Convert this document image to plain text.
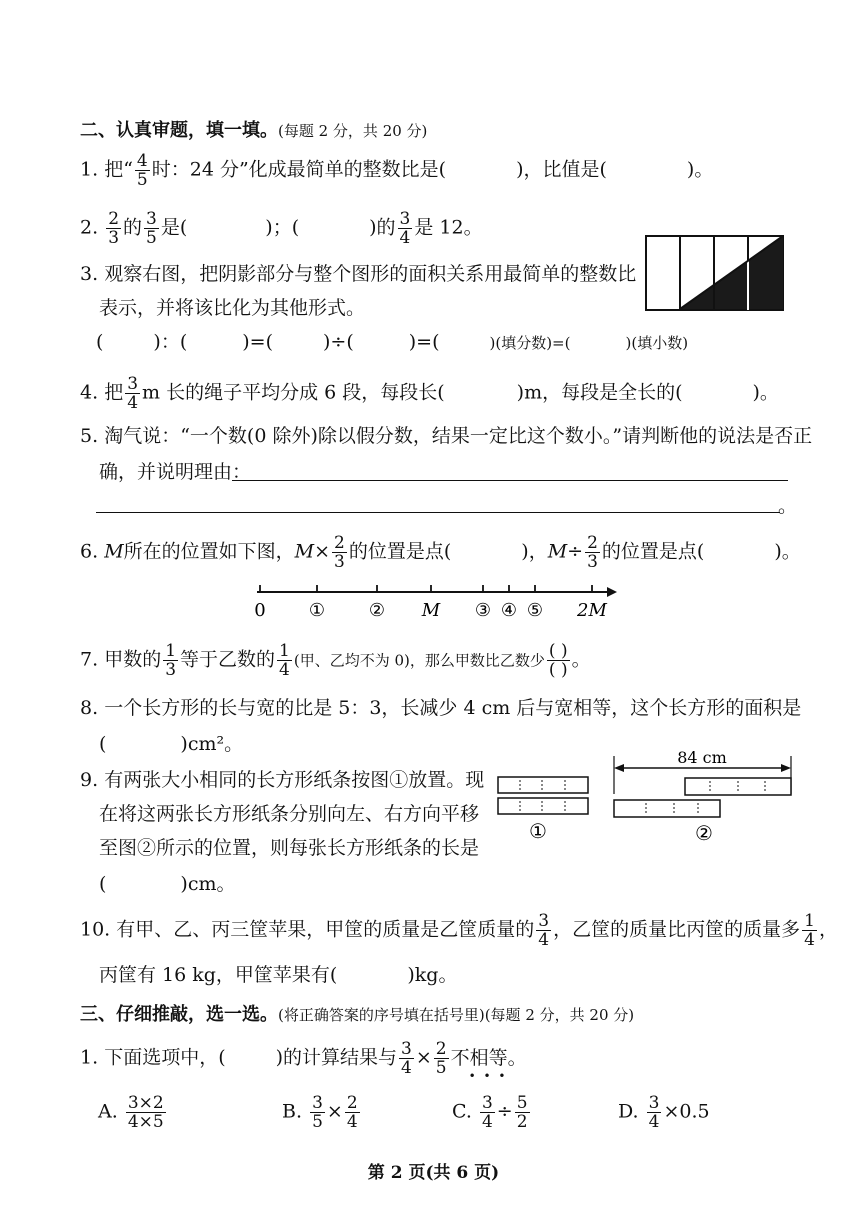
二、认真审题，填一填。(每题 2 分，共 20 分)
1. 把“ $\frac{4}{5}$ 时：24 分”化成最简单的整数比是(	)，比值是(	)。
2. $\frac{2}{3}$ 的 $\frac{3}{5}$ 是(	)；(	)的 $\frac{3}{4}$ 是 12。
3. 观察右图，把阴影部分与整个图形的面积关系用最简单的整数比
表示，并将该比化为其他形式。
(	)：(	)=(	)÷(	)=(	)(填分数)=(	)(填小数)
4. 把 $\frac{3}{4}$ m 长的绳子平均分成 6 段，每段长(	)m，每段是全长的(	)。
5. 淘气说：“一个数(0 除外)除以假分数，结果一定比这个数小。”请判断他的说法是否正
确，并说明理由：
。
6. M所在的位置如下图，$M\times \frac{2}{3}$ 的位置是点(	)，$M\div \frac{2}{3}$ 的位置是点(	)。
0 ① ② M ③ ④ ⑤ 2M
7. 甲数的 $\frac{1}{3}$ 等于乙数的 $\frac{1}{4}$ (甲、乙均不为 0)，那么甲数比乙数少 $\frac{( )}{( )}$ 。
8. 一个长方形的长与宽的比是 5：3，长减少 4 cm 后与宽相等，这个长方形的面积是
(	)cm²。
9. 有两张大小相同的长方形纸条按图①放置。现
在将这两张长方形纸条分别向左、右方向平移
至图②所示的位置，则每张长方形纸条的长是
(	)cm。
①
84 cm
②
10. 有甲、乙、丙三筐苹果，甲筐的质量是乙筐质量的 $\frac{3}{4}$ ，乙筐的质量比丙筐的质量多 $\frac{1}{4}$ ，
丙筐有 16 kg，甲筐苹果有(	)kg。
三、仔细推敲，选一选。(将正确答案的序号填在括号里)(每题 2 分，共 20 分)
1. 下面选项中，(	)的计算结果与 $\frac{3}{4} \times \frac{2}{5}$ 不相等。
• • •
A. $\frac{3\times 2}{4\times 5}$	B. $\frac{3}{5} \times \frac{2}{4}$	C. $\frac{3}{4} \div \frac{5}{2}$	D. $\frac{3}{4} \times 0.5$
第 2 页(共 6 页)
